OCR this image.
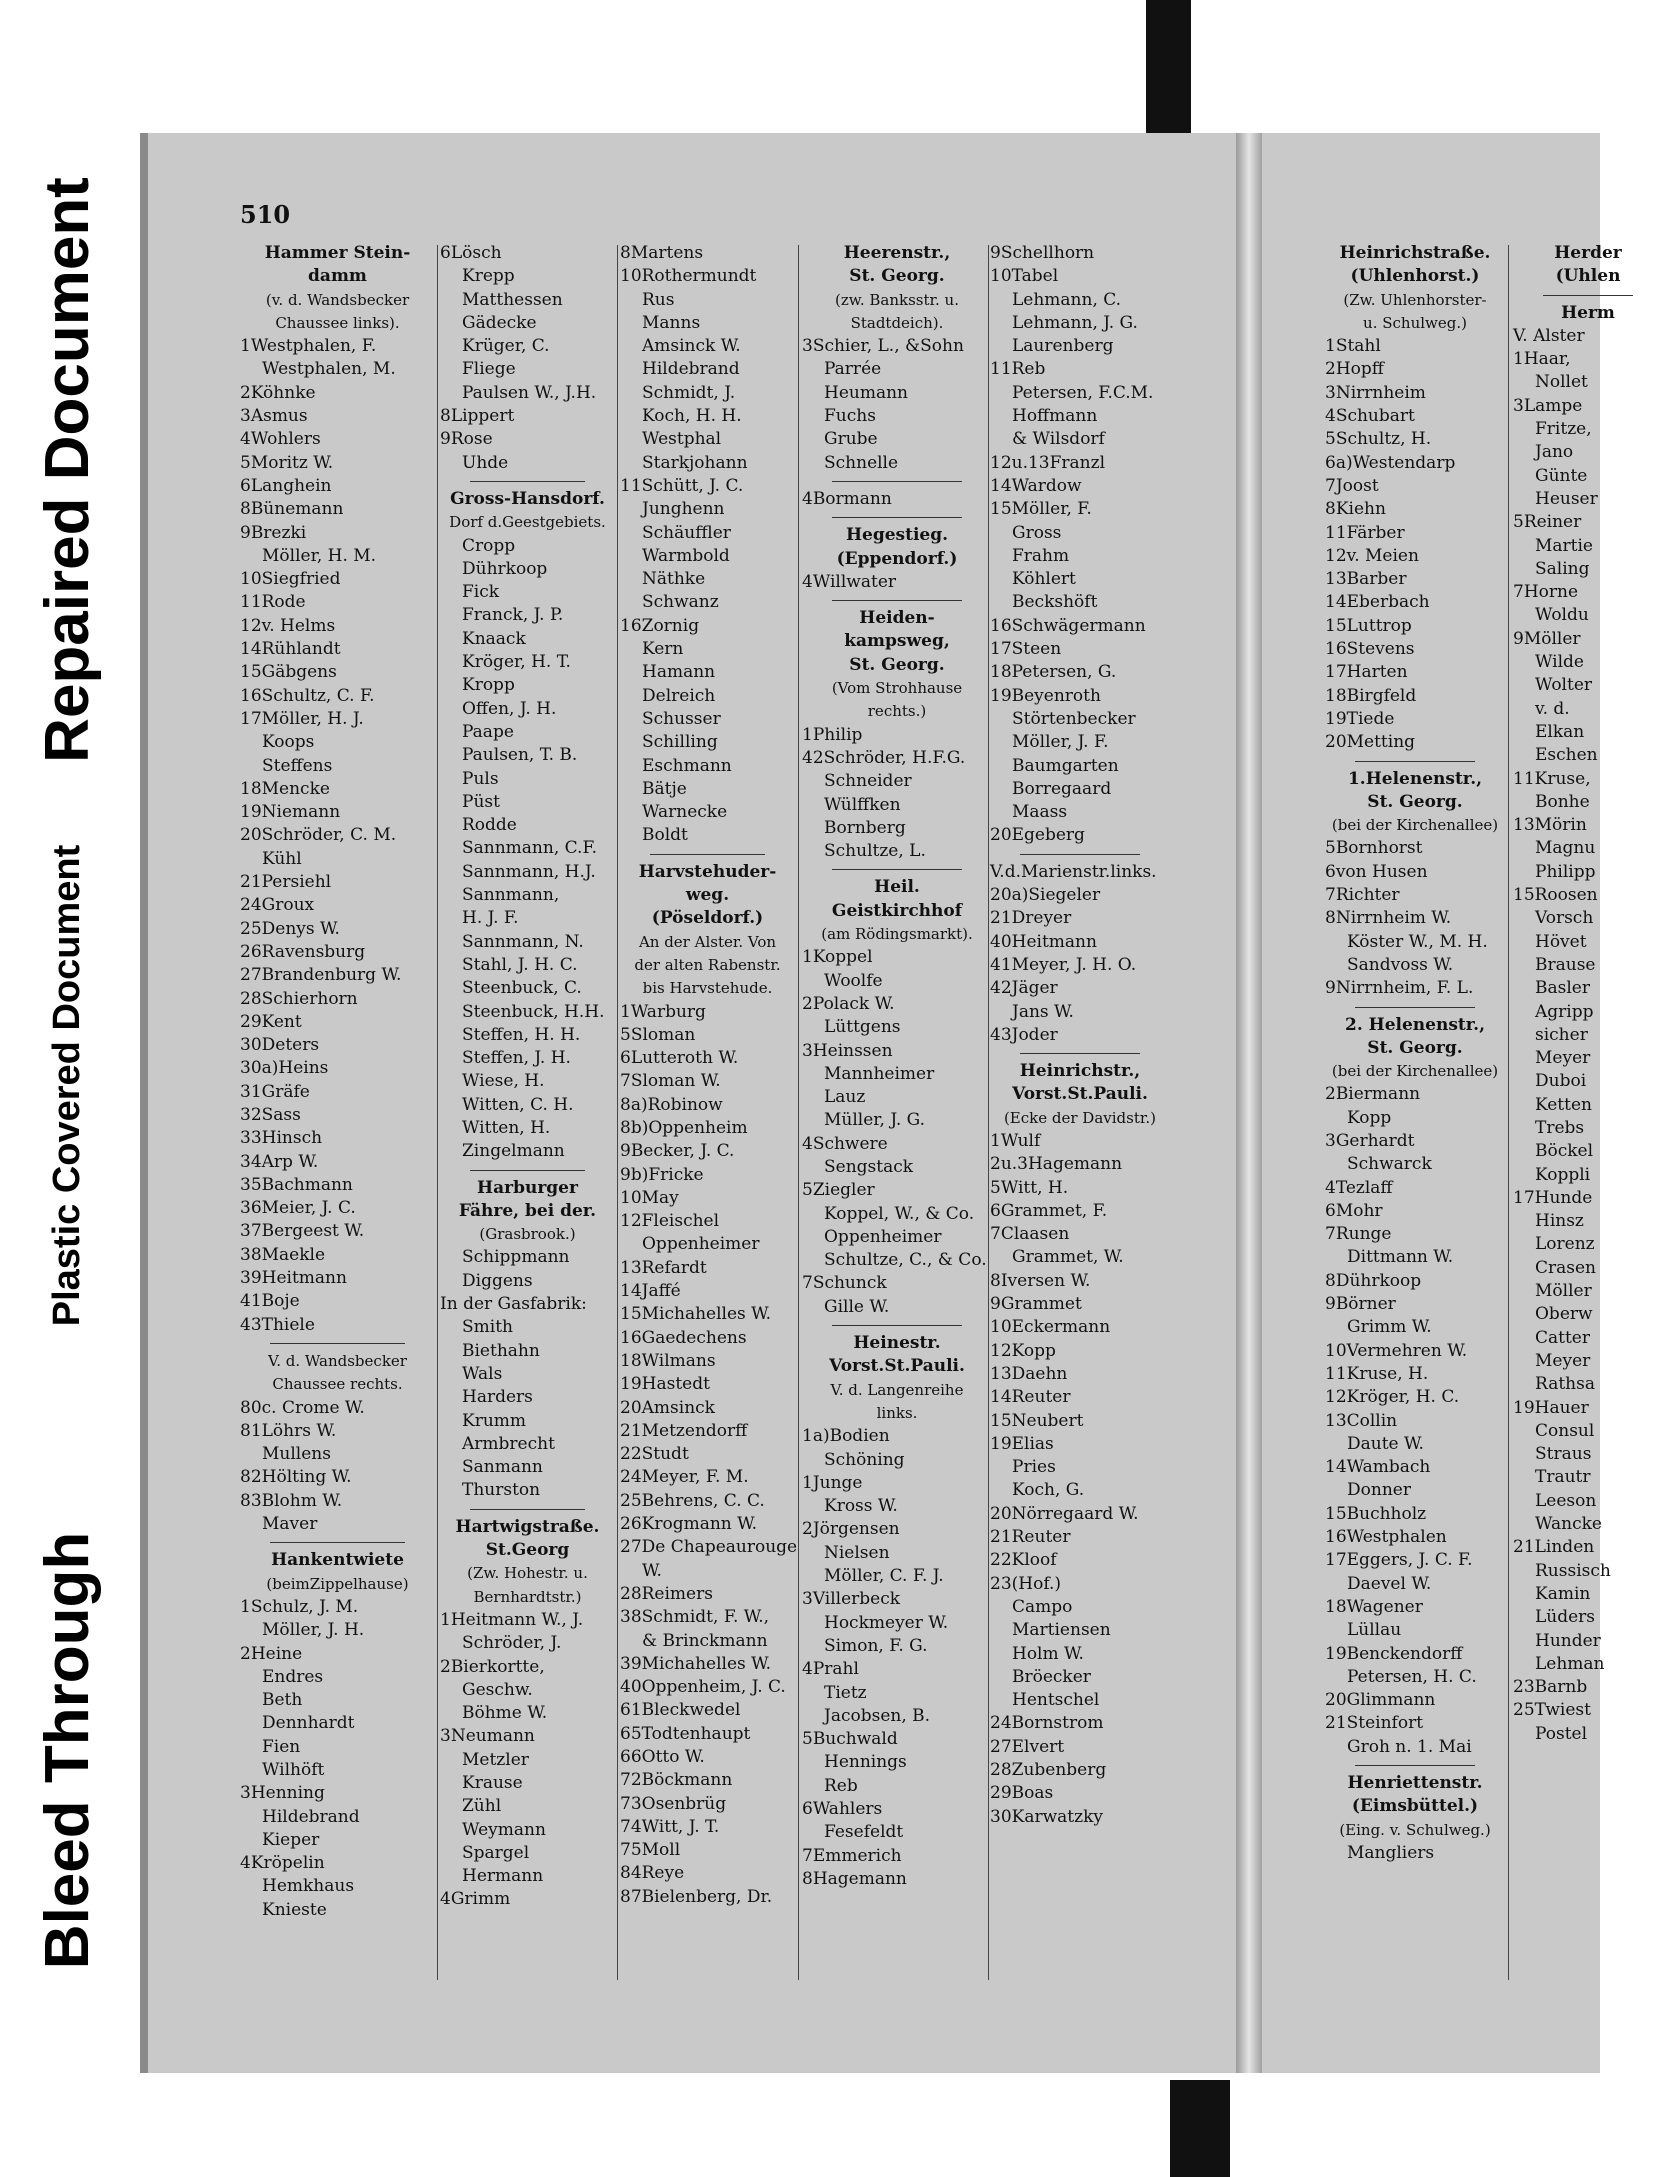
Repaired Document
Plastic Covered Document
Bleed Through
510
Hammer Stein-
damm
(v. d. Wandsbecker
Chaussee links).
1Westphalen, F.
Westphalen, M.
2Köhnke
3Asmus
4Wohlers
5Moritz W.
6Langhein
8Bünemann
9Brezki
Möller, H. M.
10Siegfried
11Rode
12v. Helms
14Rühlandt
15Gäbgens
16Schultz, C. F.
17Möller, H. J.
Koops
Steffens
18Mencke
19Niemann
20Schröder, C. M.
Kühl
21Persiehl
24Groux
25Denys W.
26Ravensburg
27Brandenburg W.
28Schierhorn
29Kent
30Deters
30a)Heins
31Gräfe
32Sass
33Hinsch
34Arp W.
35Bachmann
36Meier, J. C.
37Bergeest W.
38Maekle
39Heitmann
41Boje
43Thiele
V. d. Wandsbecker
Chaussee rechts.
80c. Crome W.
81Löhrs W.
Mullens
82Hölting W.
83Blohm W.
Maver
Hankentwiete
(beimZippelhause)
1Schulz, J. M.
Möller, J. H.
2Heine
Endres
Beth
Dennhardt
Fien
Wilhöft
3Henning
Hildebrand
Kieper
4Kröpelin
Hemkhaus
Knieste
6Lösch
Krepp
Matthessen
Gädecke
Krüger, C.
Fliege
Paulsen W., J.H.
8Lippert
9Rose
Uhde
Gross-Hansdorf.
Dorf d.Geestgebiets.
Cropp
Dührkoop
Fick
Franck, J. P.
Knaack
Kröger, H. T.
Kropp
Offen, J. H.
Paape
Paulsen, T. B.
Puls
Püst
Rodde
Sannmann, C.F.
Sannmann, H.J.
Sannmann,
H. J. F.
Sannmann, N.
Stahl, J. H. C.
Steenbuck, C.
Steenbuck, H.H.
Steffen, H. H.
Steffen, J. H.
Wiese, H.
Witten, C. H.
Witten, H.
Zingelmann
Harburger
Fähre, bei der.
(Grasbrook.)
Schippmann
Diggens
In der Gasfabrik:
Smith
Biethahn
Wals
Harders
Krumm
Armbrecht
Sanmann
Thurston
Hartwigstraße.
St.Georg
(Zw. Hohestr. u.
Bernhardtstr.)
1Heitmann W., J.
Schröder, J.
2Bierkortte,
Geschw.
Böhme W.
3Neumann
Metzler
Krause
Zühl
Weymann
Spargel
Hermann
4Grimm
8Martens
10Rothermundt
Rus
Manns
Amsinck W.
Hildebrand
Schmidt, J.
Koch, H. H.
Westphal
Starkjohann
11Schütt, J. C.
Junghenn
Schäuffler
Warmbold
Näthke
Schwanz
16Zornig
Kern
Hamann
Delreich
Schusser
Schilling
Eschmann
Bätje
Warnecke
Boldt
Harvstehuder-
weg.
(Pöseldorf.)
An der Alster. Von
der alten Rabenstr.
bis Harvstehude.
1Warburg
5Sloman
6Lutteroth W.
7Sloman W.
8a)Robinow
8b)Oppenheim
9Becker, J. C.
9b)Fricke
10May
12Fleischel
Oppenheimer
13Refardt
14Jaffé
15Michahelles W.
16Gaedechens
18Wilmans
19Hastedt
20Amsinck
21Metzendorff
22Studt
24Meyer, F. M.
25Behrens, C. C.
26Krogmann W.
27De Chapeaurouge
W.
28Reimers
38Schmidt, F. W.,
& Brinckmann
39Michahelles W.
40Oppenheim, J. C.
61Bleckwedel
65Todtenhaupt
66Otto W.
72Böckmann
73Osenbrüg
74Witt, J. T.
75Moll
84Reye
87Bielenberg, Dr.
Heerenstr.,
St. Georg.
(zw. Banksstr. u.
Stadtdeich).
3Schier, L., &Sohn
Parrée
Heumann
Fuchs
Grube
Schnelle
4Bormann
Hegestieg.
(Eppendorf.)
4Willwater
Heiden-
kampsweg,
St. Georg.
(Vom Strohhause
rechts.)
1Philip
42Schröder, H.F.G.
Schneider
Wülffken
Bornberg
Schultze, L.
Heil.
Geistkirchhof
(am Rödingsmarkt).
1Koppel
Woolfe
2Polack W.
Lüttgens
3Heinssen
Mannheimer
Lauz
Müller, J. G.
4Schwere
Sengstack
5Ziegler
Koppel, W., & Co.
Oppenheimer
Schultze, C., & Co.
7Schunck
Gille W.
Heinestr.
Vorst.St.Pauli.
V. d. Langenreihe
links.
1a)Bodien
Schöning
1Junge
Kross W.
2Jörgensen
Nielsen
Möller, C. F. J.
3Villerbeck
Hockmeyer W.
Simon, F. G.
4Prahl
Tietz
Jacobsen, B.
5Buchwald
Hennings
Reb
6Wahlers
Fesefeldt
7Emmerich
8Hagemann
9Schellhorn
10Tabel
Lehmann, C.
Lehmann, J. G.
Laurenberg
11Reb
Petersen, F.C.M.
Hoffmann
& Wilsdorf
12u.13Franzl
14Wardow
15Möller, F.
Gross
Frahm
Köhlert
Beckshöft
16Schwägermann
17Steen
18Petersen, G.
19Beyenroth
Störtenbecker
Möller, J. F.
Baumgarten
Borregaard
Maass
20Egeberg
V.d.Marienstr.links.
20a)Siegeler
21Dreyer
40Heitmann
41Meyer, J. H. O.
42Jäger
Jans W.
43Joder
Heinrichstr.,
Vorst.St.Pauli.
(Ecke der Davidstr.)
1Wulf
2u.3Hagemann
5Witt, H.
6Grammet, F.
7Claasen
Grammet, W.
8Iversen W.
9Grammet
10Eckermann
12Kopp
13Daehn
14Reuter
15Neubert
19Elias
Pries
Koch, G.
20Nörregaard W.
21Reuter
22Kloof
23(Hof.)
Campo
Martiensen
Holm W.
Bröecker
Hentschel
24Bornstrom
27Elvert
28Zubenberg
29Boas
30Karwatzky
Heinrichstraße.
(Uhlenhorst.)
(Zw. Uhlenhorster-
u. Schulweg.)
1Stahl
2Hopff
3Nirrnheim
4Schubart
5Schultz, H.
6a)Westendarp
7Joost
8Kiehn
11Färber
12v. Meien
13Barber
14Eberbach
15Luttrop
16Stevens
17Harten
18Birgfeld
19Tiede
20Metting
1.Helenenstr.,
St. Georg.
(bei der Kirchenallee)
5Bornhorst
6von Husen
7Richter
8Nirrnheim W.
Köster W., M. H.
Sandvoss W.
9Nirrnheim, F. L.
2. Helenenstr.,
St. Georg.
(bei der Kirchenallee)
2Biermann
Kopp
3Gerhardt
Schwarck
4Tezlaff
6Mohr
7Runge
Dittmann W.
8Dührkoop
9Börner
Grimm W.
10Vermehren W.
11Kruse, H.
12Kröger, H. C.
13Collin
Daute W.
14Wambach
Donner
15Buchholz
16Westphalen
17Eggers, J. C. F.
Daevel W.
18Wagener
Lüllau
19Benckendorff
Petersen, H. C.
20Glimmann
21Steinfort
Groh n. 1. Mai
Henriettenstr.
(Eimsbüttel.)
(Eing. v. Schulweg.)
Mangliers
Herder
(Uhlen
Herm
V. Alster
1Haar,
Nollet
3Lampe
Fritze,
Jano
Günte
Heuser
5Reiner
Martie
Saling
7Horne
Woldu
9Möller
Wilde
Wolter
v. d.
Elkan
Eschen
11Kruse,
Bonhe
13Mörin
Magnu
Philipp
15Roosen
Vorsch
Hövet
Brause
Basler
Agripp
sicher
Meyer
Duboi
Ketten
Trebs
Böckel
Koppli
17Hunde
Hinsz
Lorenz
Crasen
Möller
Oberw
Catter
Meyer
Rathsa
19Hauer
Consul
Straus
Trautr
Leeson
Wancke
21Linden
Russisch
Kamin
Lüders
Hunder
Lehman
23Barnb
25Twiest
Postel
